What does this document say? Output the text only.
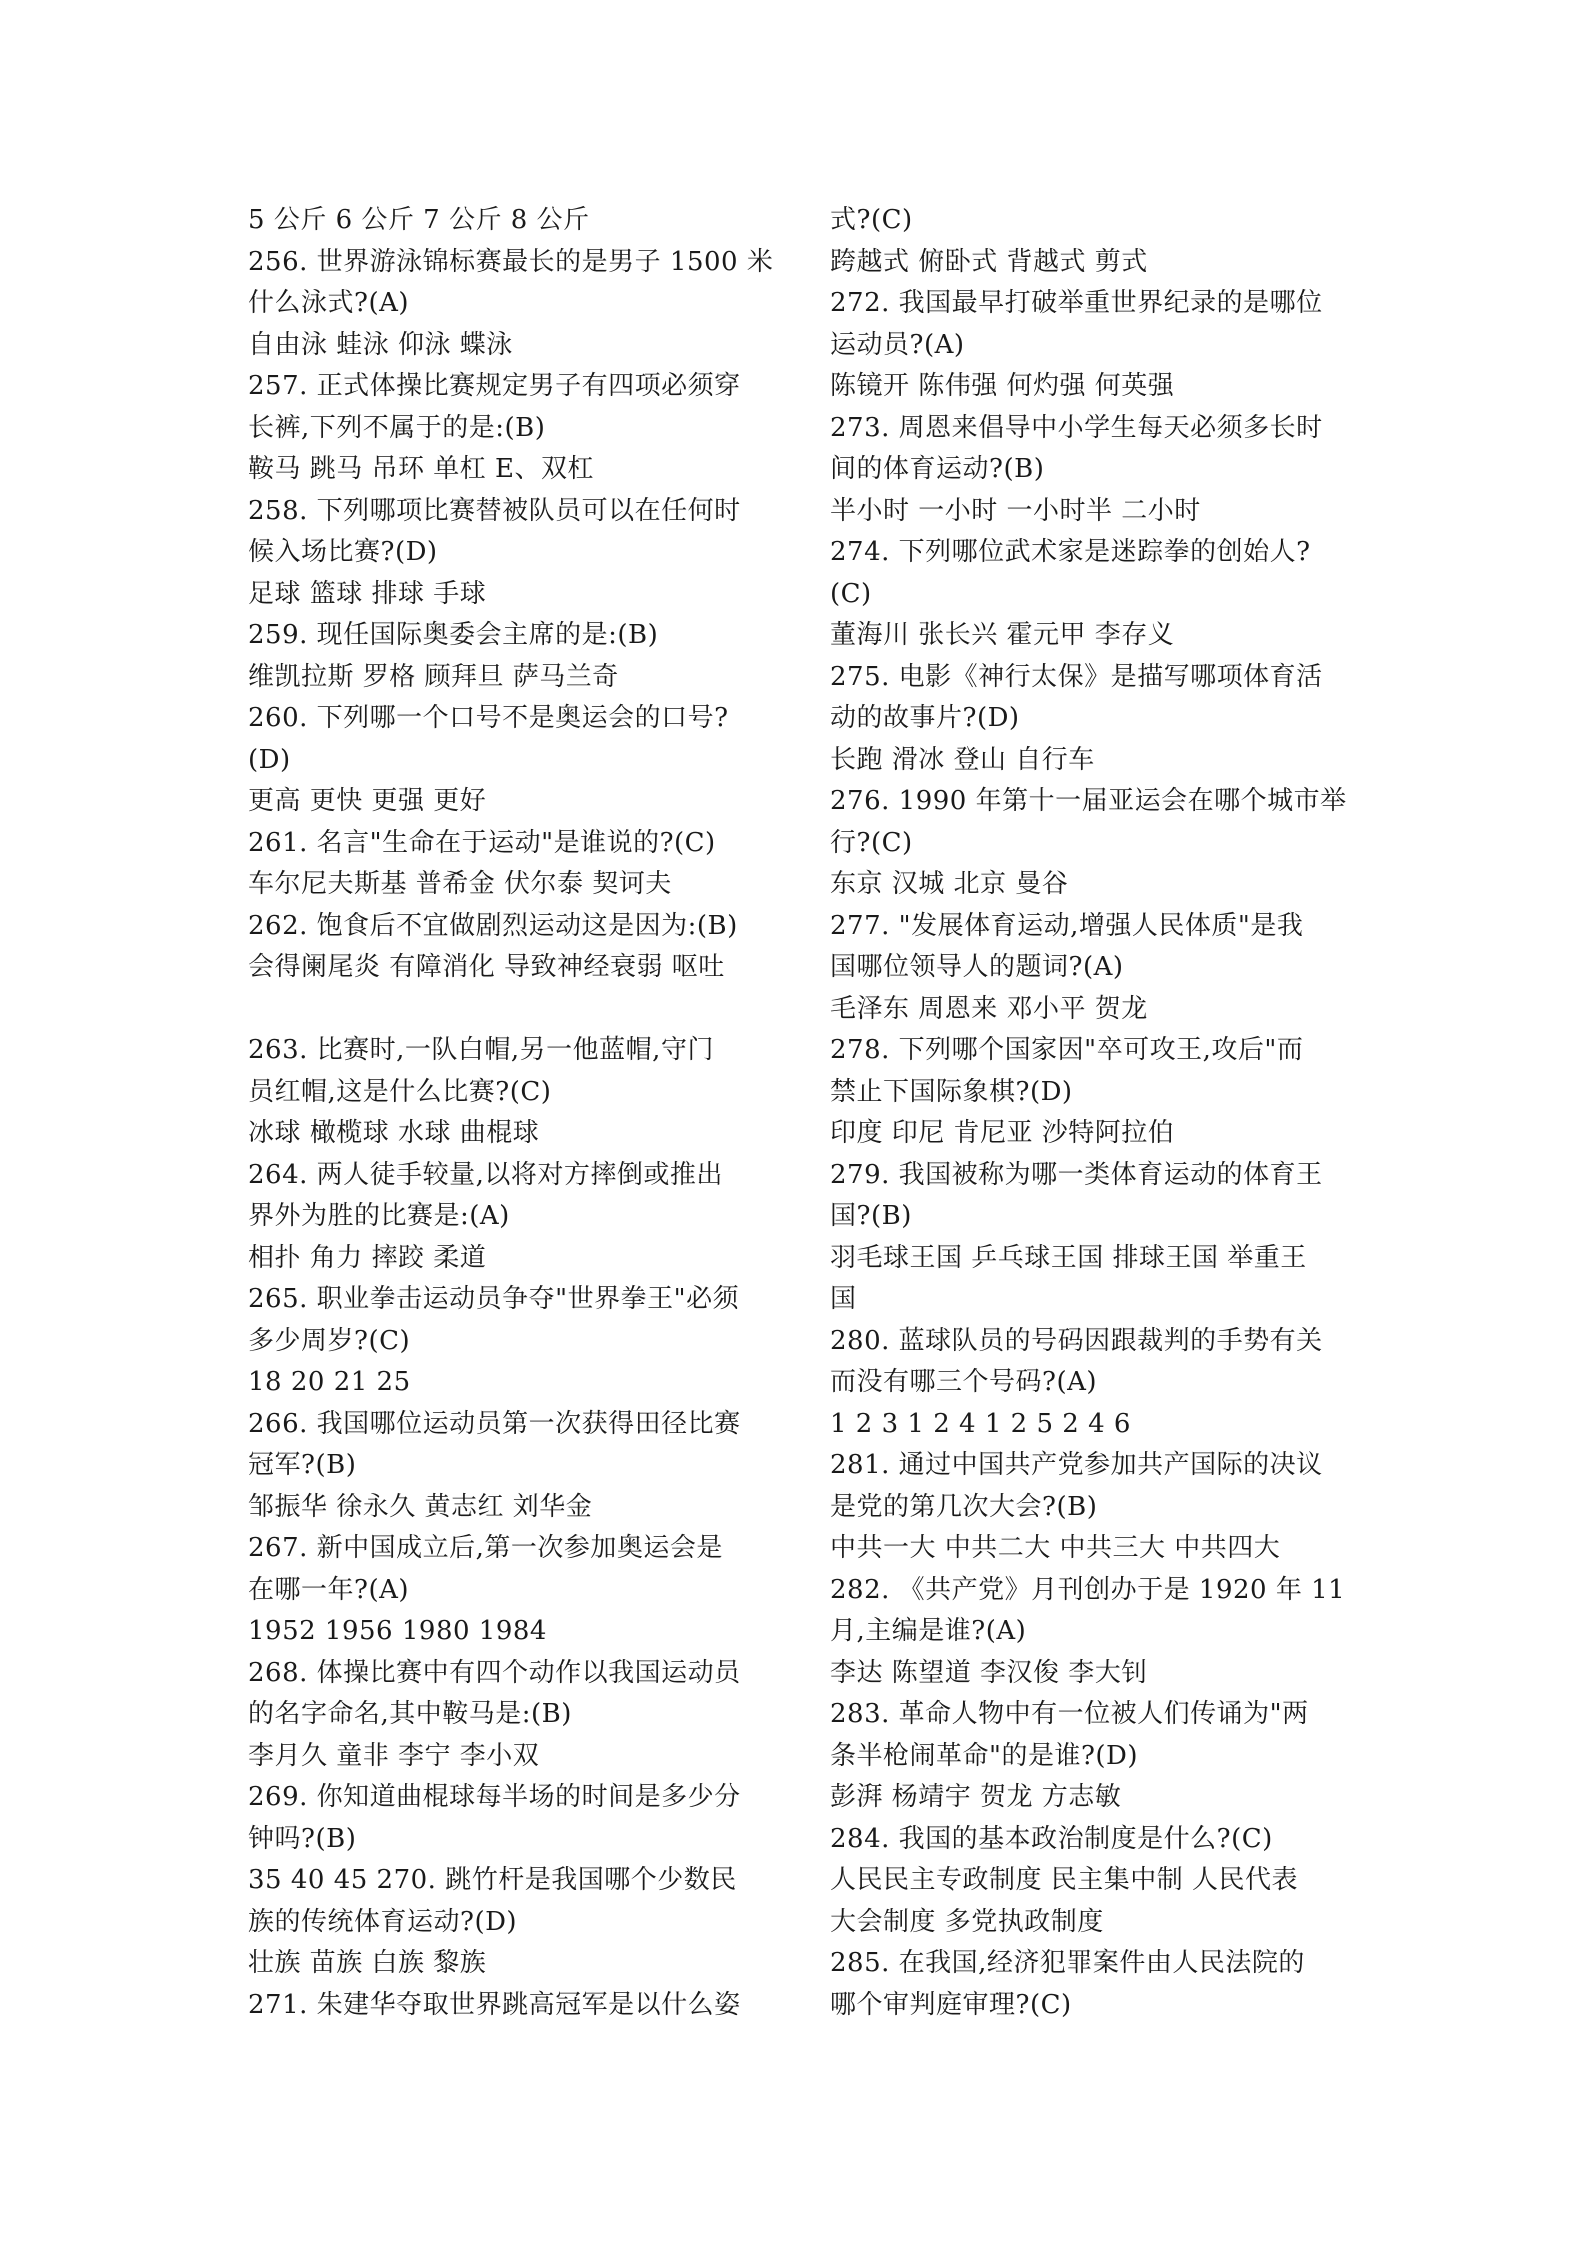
5 公斤 6 公斤 7 公斤 8 公斤
256. 世界游泳锦标赛最长的是男子 1500 米
什么泳式?(A)
自由泳 蛙泳 仰泳 蝶泳
257. 正式体操比赛规定男子有四项必须穿
长裤,下列不属于的是:(B)
鞍马 跳马 吊环 单杠 E、双杠
258. 下列哪项比赛替被队员可以在任何时
候入场比赛?(D)
足球 篮球 排球 手球
259. 现任国际奥委会主席的是:(B)
维凯拉斯 罗格 顾拜旦 萨马兰奇
260. 下列哪一个口号不是奥运会的口号?
(D)
更高 更快 更强 更好
261. 名言"生命在于运动"是谁说的?(C)
车尔尼夫斯基 普希金 伏尔泰 契诃夫
262. 饱食后不宜做剧烈运动这是因为:(B)
会得阑尾炎 有障消化 导致神经衰弱 呕吐
263. 比赛时,一队白帽,另一他蓝帽,守门
员红帽,这是什么比赛?(C)
冰球 橄榄球 水球 曲棍球
264. 两人徒手较量,以将对方摔倒或推出
界外为胜的比赛是:(A)
相扑 角力 摔跤 柔道
265. 职业拳击运动员争夺"世界拳王"必须
多少周岁?(C)
18 20 21 25
266. 我国哪位运动员第一次获得田径比赛
冠军?(B)
邹振华 徐永久 黄志红 刘华金
267. 新中国成立后,第一次参加奥运会是
在哪一年?(A)
1952 1956 1980 1984
268. 体操比赛中有四个动作以我国运动员
的名字命名,其中鞍马是:(B)
李月久 童非 李宁 李小双
269. 你知道曲棍球每半场的时间是多少分
钟吗?(B)
35 40 45 270. 跳竹杆是我国哪个少数民
族的传统体育运动?(D)
壮族 苗族 白族 黎族
271. 朱建华夺取世界跳高冠军是以什么姿
式?(C)
跨越式 俯卧式 背越式 剪式
272. 我国最早打破举重世界纪录的是哪位
运动员?(A)
陈镜开 陈伟强 何灼强 何英强
273. 周恩来倡导中小学生每天必须多长时
间的体育运动?(B)
半小时 一小时 一小时半 二小时
274. 下列哪位武术家是迷踪拳的创始人?
(C)
董海川 张长兴 霍元甲 李存义
275. 电影《神行太保》是描写哪项体育活
动的故事片?(D)
长跑 滑冰 登山 自行车
276. 1990 年第十一届亚运会在哪个城市举
行?(C)
东京 汉城 北京 曼谷
277. "发展体育运动,增强人民体质"是我
国哪位领导人的题词?(A)
毛泽东 周恩来 邓小平 贺龙
278. 下列哪个国家因"卒可攻王,攻后"而
禁止下国际象棋?(D)
印度 印尼 肯尼亚 沙特阿拉伯
279. 我国被称为哪一类体育运动的体育王
国?(B)
羽毛球王国 乒乓球王国 排球王国 举重王
国
280. 蓝球队员的号码因跟裁判的手势有关
而没有哪三个号码?(A)
1 2 3 1 2 4 1 2 5 2 4 6
281. 通过中国共产党参加共产国际的决议
是党的第几次大会?(B)
中共一大 中共二大 中共三大 中共四大
282. 《共产党》月刊创办于是 1920 年 11
月,主编是谁?(A)
李达 陈望道 李汉俊 李大钊
283. 革命人物中有一位被人们传诵为"两
条半枪闹革命"的是谁?(D)
彭湃 杨靖宇 贺龙 方志敏
284. 我国的基本政治制度是什么?(C)
人民民主专政制度 民主集中制 人民代表
大会制度 多党执政制度
285. 在我国,经济犯罪案件由人民法院的
哪个审判庭审理?(C)
